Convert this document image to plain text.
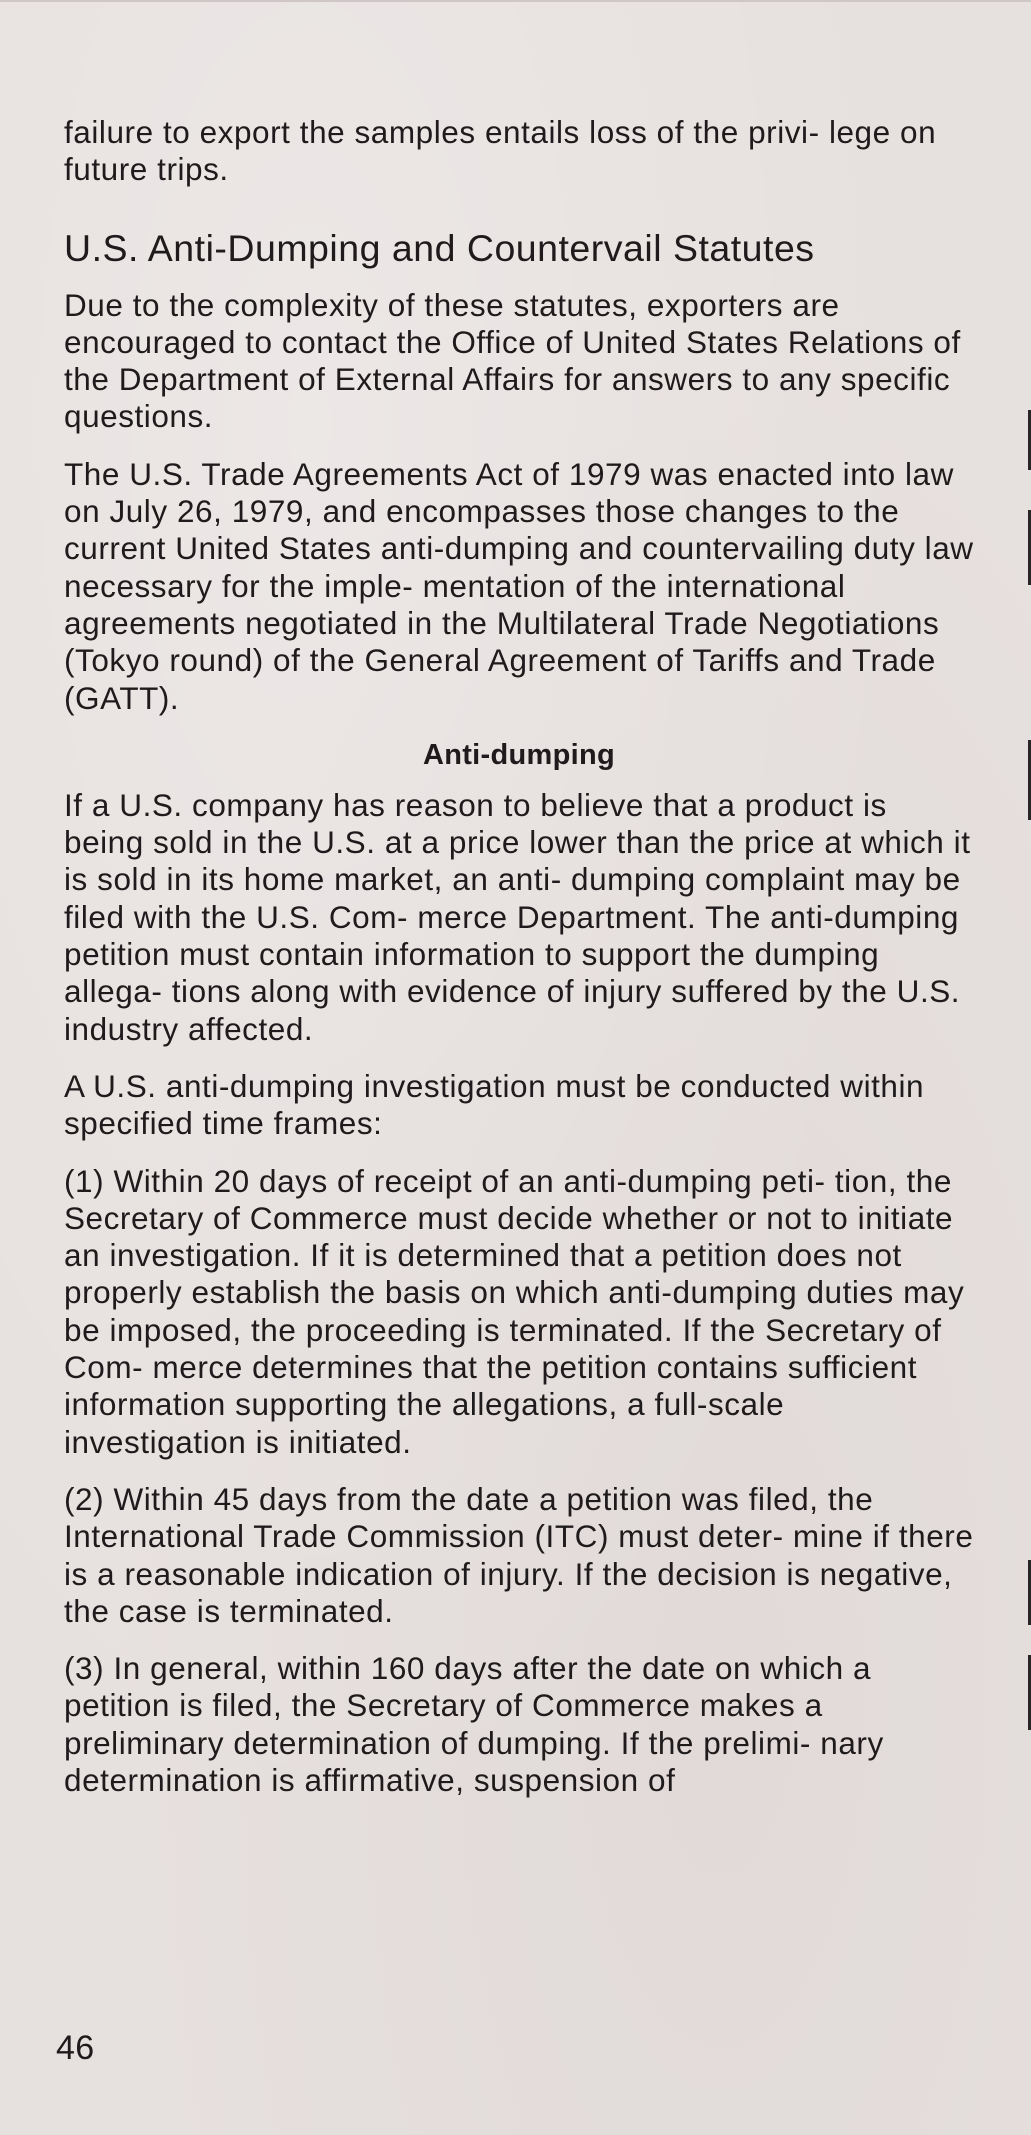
failure to export the samples entails loss of the privi- lege on future trips.

U.S. Anti-Dumping and Countervail Statutes

Due to the complexity of these statutes, exporters are encouraged to contact the Office of United States Relations of the Department of External Affairs for answers to any specific questions.

The U.S. Trade Agreements Act of 1979 was enacted into law on July 26, 1979, and encompasses those changes to the current United States anti-dumping and countervailing duty law necessary for the imple- mentation of the international agreements negotiated in the Multilateral Trade Negotiations (Tokyo round) of the General Agreement of Tariffs and Trade (GATT).

Anti-dumping

If a U.S. company has reason to believe that a product is being sold in the U.S. at a price lower than the price at which it is sold in its home market, an anti- dumping complaint may be filed with the U.S. Com- merce Department. The anti-dumping petition must contain information to support the dumping allega- tions along with evidence of injury suffered by the U.S. industry affected.

A U.S. anti-dumping investigation must be conducted within specified time frames:

(1) Within 20 days of receipt of an anti-dumping peti- tion, the Secretary of Commerce must decide whether or not to initiate an investigation. If it is determined that a petition does not properly establish the basis on which anti-dumping duties may be imposed, the proceeding is terminated. If the Secretary of Com- merce determines that the petition contains sufficient information supporting the allegations, a full-scale investigation is initiated.

(2) Within 45 days from the date a petition was filed, the International Trade Commission (ITC) must deter- mine if there is a reasonable indication of injury. If the decision is negative, the case is terminated.

(3) In general, within 160 days after the date on which a petition is filed, the Secretary of Commerce makes a preliminary determination of dumping. If the prelimi- nary determination is affirmative, suspension of

46
